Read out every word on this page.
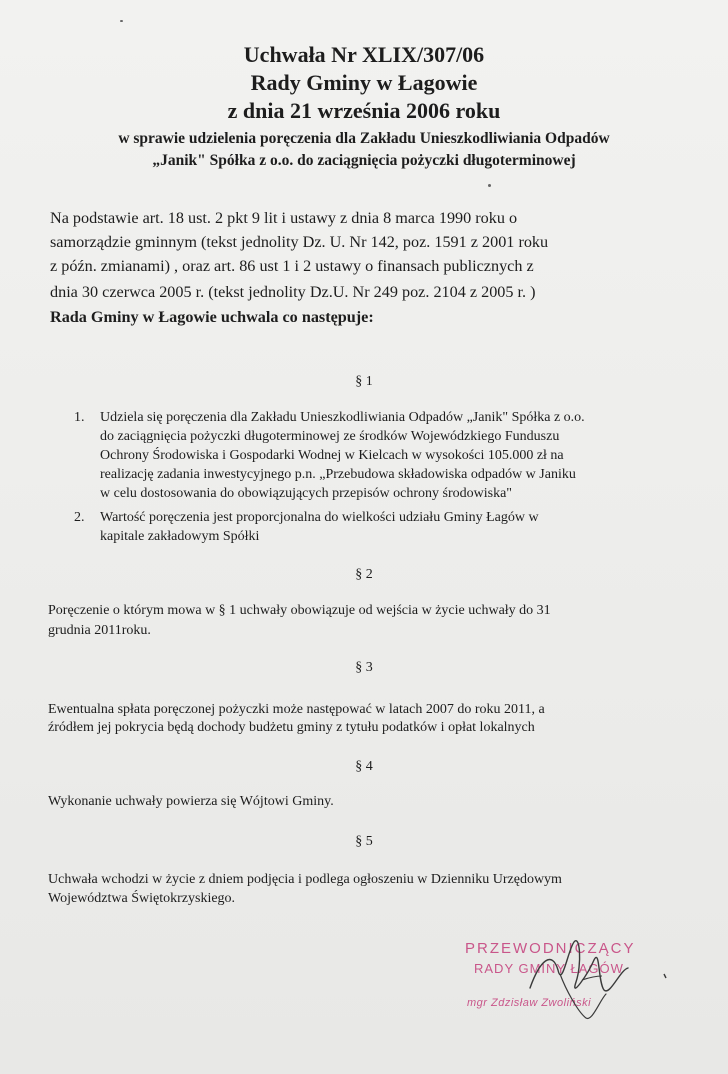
Uchwała Nr XLIX/307/06
Rady Gminy w Łagowie
z dnia 21 września 2006 roku
w sprawie udzielenia poręczenia dla Zakładu Unieszkodliwiania Odpadów
„Janik" Spółka z o.o. do zaciągnięcia pożyczki długoterminowej
Na podstawie art. 18 ust. 2 pkt 9 lit i ustawy z dnia 8 marca 1990 roku o
samorządzie gminnym (tekst jednolity Dz. U. Nr 142, poz. 1591 z 2001 roku
z późn. zmianami) , oraz art. 86 ust 1 i 2 ustawy o finansach publicznych z
dnia 30 czerwca 2005 r. (tekst jednolity Dz.U. Nr 249 poz. 2104 z 2005 r. )
Rada Gminy w Łagowie uchwala co następuje:
§ 1
1. Udziela się poręczenia dla Zakładu Unieszkodliwiania Odpadów „Janik" Spółka z o.o.
do zaciągnięcia pożyczki długoterminowej ze środków Wojewódzkiego Funduszu
Ochrony Środowiska i Gospodarki Wodnej w Kielcach w wysokości 105.000 zł na
realizację zadania inwestycyjnego p.n. „Przebudowa składowiska odpadów w Janiku
w celu dostosowania do obowiązujących przepisów ochrony środowiska"
2. Wartość poręczenia jest proporcjonalna do wielkości udziału Gminy Łagów w
kapitale zakładowym Spółki
§ 2
Poręczenie o którym mowa w § 1 uchwały obowiązuje od wejścia w życie uchwały do 31
grudnia 2011roku.
§ 3
Ewentualna spłata poręczonej pożyczki może następować w latach 2007 do roku 2011, a
źródłem jej pokrycia będą dochody budżetu gminy z tytułu podatków i opłat lokalnych
§ 4
Wykonanie uchwały powierza się Wójtowi Gminy.
§ 5
Uchwała wchodzi w życie z dniem podjęcia i podlega ogłoszeniu w Dzienniku Urzędowym
Województwa Świętokrzyskiego.
PRZEWODNICZĄCY
RADY GMINY ŁAGÓW
mgr Zdzisław Zwoliński
